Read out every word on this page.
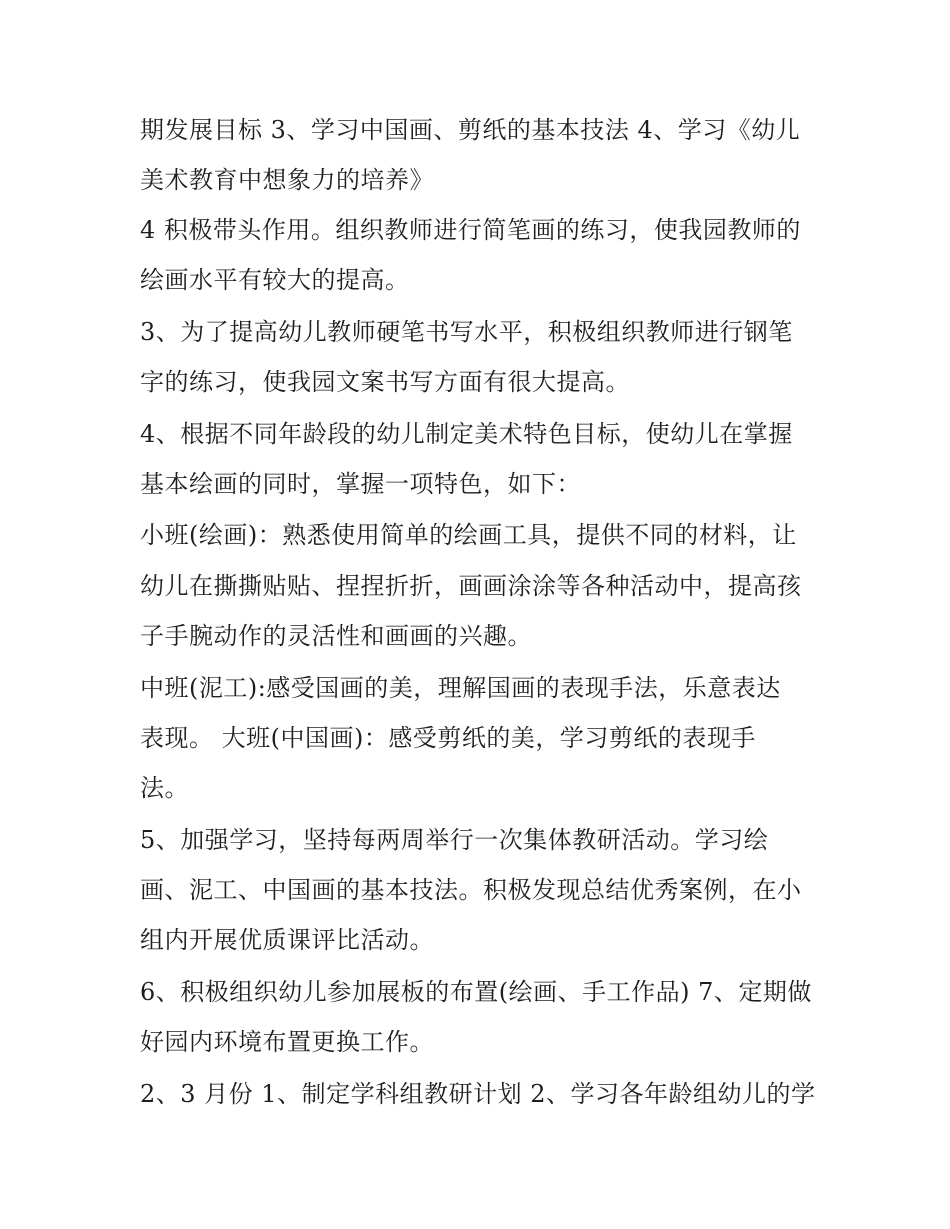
期发展目标 3、学习中国画、剪纸的基本技法 4、学习《幼儿
美术教育中想象力的培养》
4 积极带头作用。组织教师进行简笔画的练习，使我园教师的
绘画水平有较大的提高。
3、为了提高幼儿教师硬笔书写水平，积极组织教师进行钢笔
字的练习，使我园文案书写方面有很大提高。
4、根据不同年龄段的幼儿制定美术特色目标，使幼儿在掌握
基本绘画的同时，掌握一项特色，如下：
小班(绘画)：熟悉使用简单的绘画工具，提供不同的材料，让
幼儿在撕撕贴贴、捏捏折折，画画涂涂等各种活动中，提高孩
子手腕动作的灵活性和画画的兴趣。
中班(泥工):感受国画的美，理解国画的表现手法，乐意表达
表现。 大班(中国画)：感受剪纸的美，学习剪纸的表现手
法。
5、加强学习，坚持每两周举行一次集体教研活动。学习绘
画、泥工、中国画的基本技法。积极发现总结优秀案例，在小
组内开展优质课评比活动。
6、积极组织幼儿参加展板的布置(绘画、手工作品) 7、定期做
好园内环境布置更换工作。
2、3 月份 1、制定学科组教研计划 2、学习各年龄组幼儿的学
